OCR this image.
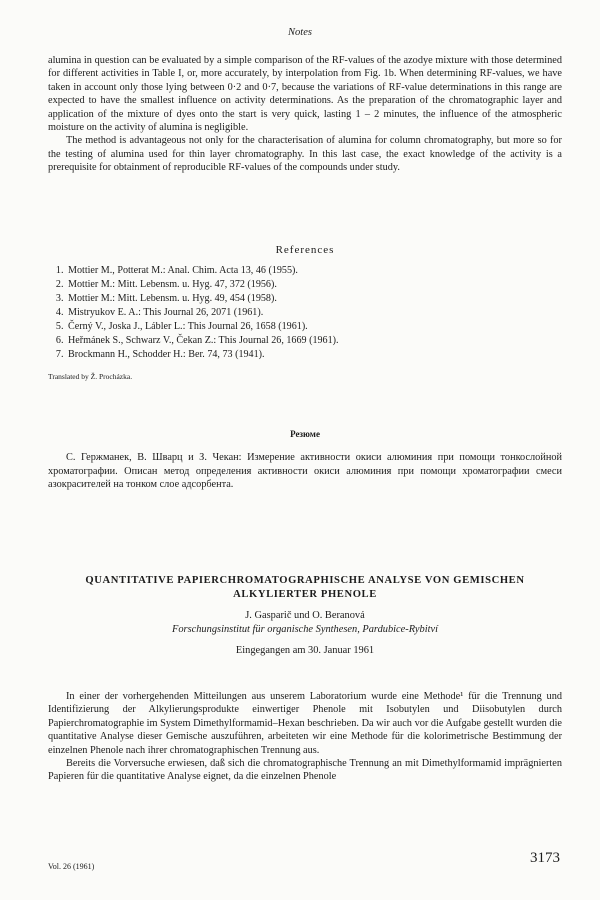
Notes

alumina in question can be evaluated by a simple comparison of the RF-values of the azodye mixture with those determined for different activities in Table I, or, more accurately, by interpolation from Fig. 1b. When determining RF-values, we have taken in account only those lying between 0·2 and 0·7, because the variations of RF-value determinations in this range are expected to have the smallest influence on activity determinations. As the preparation of the chromatographic layer and application of the mixture of dyes onto the start is very quick, lasting 1 – 2 minutes, the influence of the atmospheric moisture on the activity of alumina is negligible.

The method is advantageous not only for the characterisation of alumina for column chromatography, but more so for the testing of alumina used for thin layer chromatography. In this last case, the exact knowledge of the activity is a prerequisite for obtainment of reproducible RF-values of the compounds under study.

References

1. Mottier M., Potterat M.: Anal. Chim. Acta 13, 46 (1955).
2. Mottier M.: Mitt. Lebensm. u. Hyg. 47, 372 (1956).
3. Mottier M.: Mitt. Lebensm. u. Hyg. 49, 454 (1958).
4. Mistryukov E. A.: This Journal 26, 2071 (1961).
5. Černý V., Joska J., Lábler L.: This Journal 26, 1658 (1961).
6. Heřmánek S., Schwarz V., Čekan Z.: This Journal 26, 1669 (1961).
7. Brockmann H., Schodder H.: Ber. 74, 73 (1941).

Translated by Ž. Procházka.

Резюме

С. Гержманек, В. Шварц и З. Чекан: Измерение активности окиси алюминия при помощи тонкослойной хроматографии. Описан метод определения активности окиси алюминия при помощи хроматографии смеси азокрасителей на тонком слое адсорбента.

QUANTITATIVE PAPIERCHROMATOGRAPHISCHE ANALYSE VON GEMISCHEN

ALKYLIERTER PHENOLE

J. Gasparič und O. Beranová

Forschungsinstitut für organische Synthesen, Pardubice-Rybitví

Eingegangen am 30. Januar 1961

In einer der vorhergehenden Mitteilungen aus unserem Laboratorium wurde eine Methode¹ für die Trennung und Identifizierung der Alkylierungsprodukte einwertiger Phenole mit Isobutylen und Diisobutylen durch Papierchromatographie im System Dimethylformamid–Hexan beschrieben. Da wir auch vor die Aufgabe gestellt wurden die quantitative Analyse dieser Gemische auszuführen, arbeiteten wir eine Methode für die kolorimetrische Bestimmung der einzelnen Phenole nach ihrer chromatographischen Trennung aus.

Bereits die Vorversuche erwiesen, daß sich die chromatographische Trennung an mit Dimethylformamid imprägnierten Papieren für die quantitative Analyse eignet, da die einzelnen Phenole

Vol. 26 (1961)
3173
